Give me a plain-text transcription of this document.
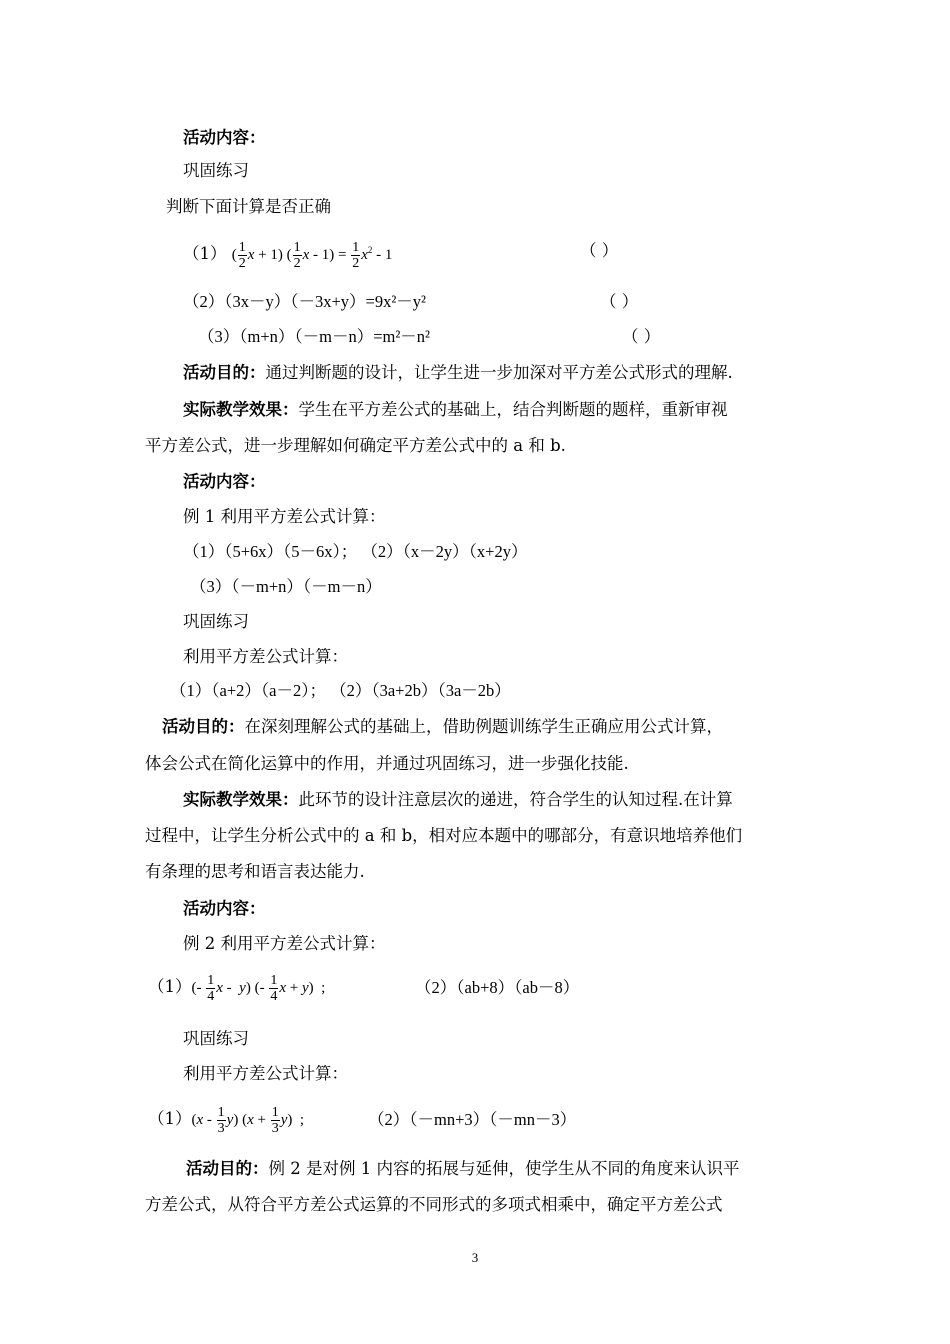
活动内容：
巩固练习
判断下面计算是否正确
（1） ( $\frac{1}{2}$ x + 1) ( $\frac{1}{2}$ $x - 1) = \frac{1}{2} x^2 - 1$	（ ）
（2）（3x－y）（－3x+y）=9x²－y²	（ ）
（3）（m+n）（－m－n）=m²－n²	（ ）
活动目的：通过判断题的设计，让学生进一步加深对平方差公式形式的理解.
实际教学效果：学生在平方差公式的基础上，结合判断题的题样，重新审视
平方差公式，进一步理解如何确定平方差公式中的 a 和 b.
活动内容：
例 1 利用平方差公式计算：
（1）（5+6x）（5－6x）； （2）（x－2y）（x+2y）
（3）（－m+n）（－m－n）
巩固练习
利用平方差公式计算：
（1）（a+2）（a－2）； （2）（3a+2b）（3a－2b）
活动目的：在深刻理解公式的基础上，借助例题训练学生正确应用公式计算，
体会公式在简化运算中的作用，并通过巩固练习，进一步强化技能.
实际教学效果：此环节的设计注意层次的递进，符合学生的认知过程.在计算
过程中，让学生分析公式中的 a 和 b，相对应本题中的哪部分，有意识地培养他们
有条理的思考和语言表达能力.
活动内容：
例 2 利用平方差公式计算：
$(1)(- \frac{1}{4}$ x -  y) (- $\frac{1}{4}$ x + y)  ;	（2）（ab+8）（ab－8）
巩固练习
利用平方差公式计算：
$(1)(x - \frac{1}{3} y)$ $(x + \frac{1}{3} y)$  ;	（2）（－mn+3）（－mn－3）
活动目的：例 2 是对例 1 内容的拓展与延伸，使学生从不同的角度来认识平
方差公式，从符合平方差公式运算的不同形式的多项式相乘中，确定平方差公式
3
